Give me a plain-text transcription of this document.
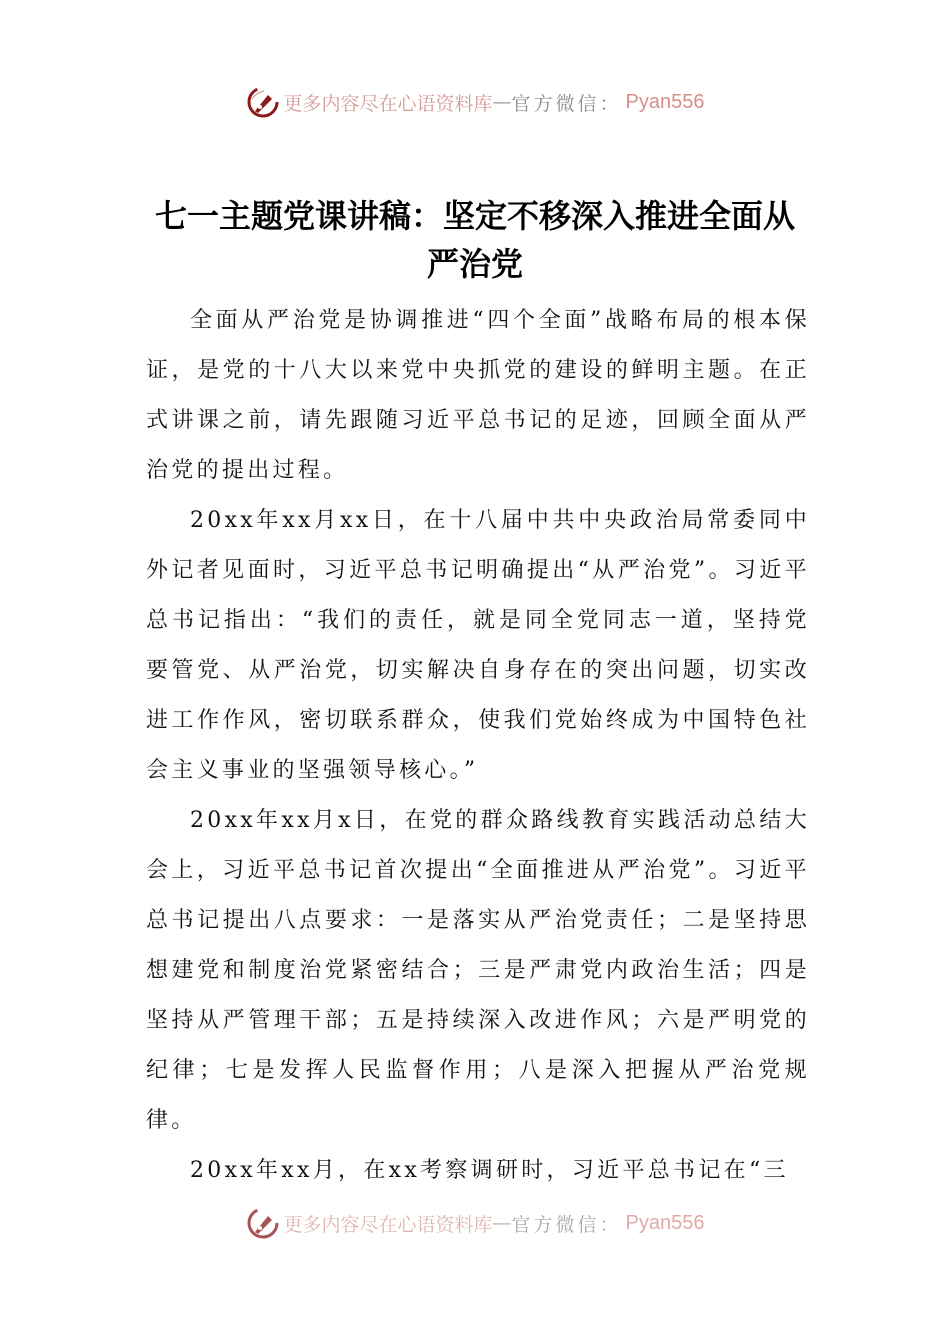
更多内容尽在心语资料库 — 官方微信： Pyan556
七一主题党课讲稿：坚定不移深入推进全面从严治党

全面从严治党是协调推进“四个全面”战略布局的根本保证，是党的十八大以来党中央抓党的建设的鲜明主题。在正式讲课之前，请先跟随习近平总书记的足迹，回顾全面从严治党的提出过程。

20xx年xx月xx日，在十八届中共中央政治局常委同中外记者见面时，习近平总书记明确提出“从严治党”。习近平总书记指出：“我们的责任，就是同全党同志一道，坚持党要管党、从严治党，切实解决自身存在的突出问题，切实改进工作作风，密切联系群众，使我们党始终成为中国特色社会主义事业的坚强领导核心。”

20xx年xx月x日，在党的群众路线教育实践活动总结大会上，习近平总书记首次提出“全面推进从严治党”。习近平总书记提出八点要求：一是落实从严治党责任；二是坚持思想建党和制度治党紧密结合；三是严肃党内政治生活；四是坚持从严管理干部；五是持续深入改进作风；六是严明党的纪律；七是发挥人民监督作用；八是深入把握从严治党规律。

20xx年xx月，在xx考察调研时，习近平总书记在“三

更多内容尽在心语资料库 — 官方微信： Pyan556
